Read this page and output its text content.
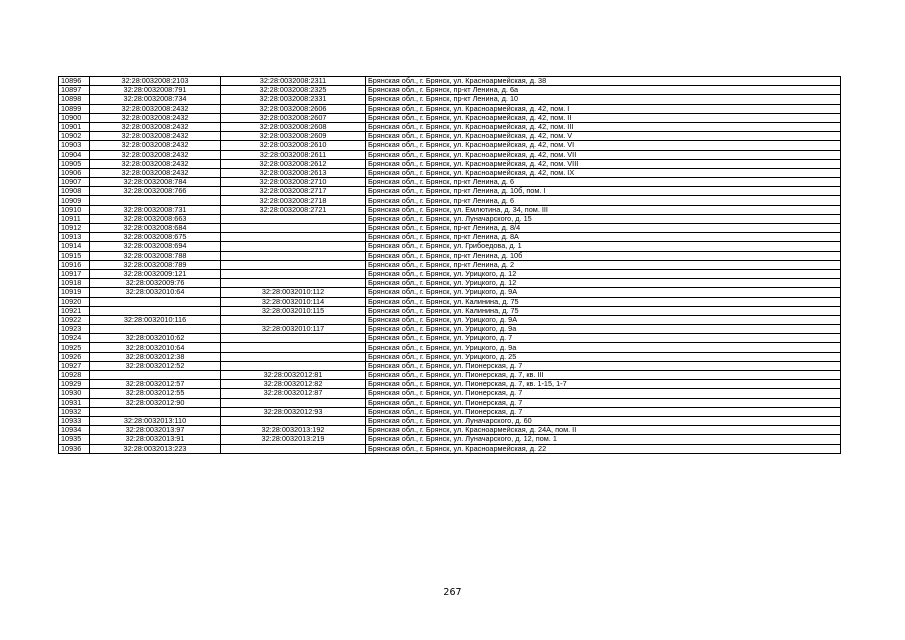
10896	32:28:0032008:2103	32:28:0032008:2311	Брянская обл., г. Брянск, ул. Красноармейская, д. 38
10897	32:28:0032008:791	32:28:0032008:2325	Брянская обл., г. Брянск, пр-кт Ленина, д. 6а
10898	32:28:0032008:734	32:28:0032008:2331	Брянская обл., г. Брянск, пр-кт Ленина, д. 10
10899	32:28:0032008:2432	32:28:0032008:2606	Брянская обл., г. Брянск, ул. Красноармейская, д. 42, пом. I
10900	32:28:0032008:2432	32:28:0032008:2607	Брянская обл., г. Брянск, ул. Красноармейская, д. 42, пом. II
10901	32:28:0032008:2432	32:28:0032008:2608	Брянская обл., г. Брянск, ул. Красноармейская, д. 42, пом. III
10902	32:28:0032008:2432	32:28:0032008:2609	Брянская обл., г. Брянск, ул. Красноармейская, д. 42, пом. V
10903	32:28:0032008:2432	32:28:0032008:2610	Брянская обл., г. Брянск, ул. Красноармейская, д. 42, пом. VI
10904	32:28:0032008:2432	32:28:0032008:2611	Брянская обл., г. Брянск, ул. Красноармейская, д. 42, пом. VII
10905	32:28:0032008:2432	32:28:0032008:2612	Брянская обл., г. Брянск, ул. Красноармейская, д. 42, пом. VIII
10906	32:28:0032008:2432	32:28:0032008:2613	Брянская обл., г. Брянск, ул. Красноармейская, д. 42, пом. IX
10907	32:28:0032008:784	32:28:0032008:2710	Брянская обл., г. Брянск, пр-кт Ленина, д. 6
10908	32:28:0032008:766	32:28:0032008:2717	Брянская обл., г. Брянск, пр-кт Ленина, д. 10б, пом. I
10909		32:28:0032008:2718	Брянская обл., г. Брянск, пр-кт Ленина, д. 6
10910	32:28:0032008:731	32:28:0032008:2721	Брянская обл., г. Брянск, ул. Емлютина, д. 34, пом. III
10911	32:28:0032008:663		Брянская обл., г. Брянск, ул. Луначарского, д. 15
10912	32:28:0032008:684		Брянская обл., г. Брянск, пр-кт Ленина, д. 8/4
10913	32:28:0032008:675		Брянская обл., г. Брянск, пр-кт Ленина, д. 8А
10914	32:28:0032008:694		Брянская обл., г. Брянск, ул. Грибоедова, д. 1
10915	32:28:0032008:788		Брянская обл., г. Брянск, пр-кт Ленина, д. 10б
10916	32:28:0032008:789		Брянская обл., г. Брянск, пр-кт Ленина, д. 2
10917	32:28:0032009:121		Брянская обл., г. Брянск, ул. Урицкого, д. 12
10918	32:28:0032009:76		Брянская обл., г. Брянск, ул. Урицкого, д. 12
10919	32:28:0032010:64	32:28:0032010:112	Брянская обл., г. Брянск, ул. Урицкого, д. 9А
10920		32:28:0032010:114	Брянская обл., г. Брянск, ул. Калинина, д. 75
10921		32:28:0032010:115	Брянская обл., г. Брянск, ул. Калинина, д. 75
10922	32:28:0032010:116		Брянская обл., г. Брянск, ул. Урицкого, д. 9А
10923		32:28:0032010:117	Брянская обл., г. Брянск, ул. Урицкого, д. 9а
10924	32:28:0032010:62		Брянская обл., г. Брянск, ул. Урицкого, д. 7
10925	32:28:0032010:64		Брянская обл., г. Брянск, ул. Урицкого, д. 9а
10926	32:28:0032012:38		Брянская обл., г. Брянск, ул. Урицкого, д. 25
10927	32:28:0032012:52		Брянская обл., г. Брянск, ул. Пионерская, д. 7
10928		32:28:0032012:81	Брянская обл., г. Брянск, ул. Пионерская, д. 7, кв. III
10929	32:28:0032012:57	32:28:0032012:82	Брянская обл., г. Брянск, ул. Пионерская, д. 7, кв. 1-15, 1-7
10930	32:28:0032012:55	32:28:0032012:87	Брянская обл., г. Брянск, ул. Пионерская, д. 7
10931	32:28:0032012:90		Брянская обл., г. Брянск, ул. Пионерская, д. 7
10932		32:28:0032012:93	Брянская обл., г. Брянск, ул. Пионерская, д. 7
10933	32:28:0032013:110		Брянская обл., г. Брянск, ул. Луначарского, д. 60
10934	32:28:0032013:97	32:28:0032013:192	Брянская обл., г. Брянск, ул. Красноармейская, д. 24А, пом. II
10935	32:28:0032013:91	32:28:0032013:219	Брянская обл., г. Брянск, ул. Луначарского, д. 12, пом. 1
10936	32:28:0032013:223		Брянская обл., г. Брянск, ул. Красноармейская, д. 22
267
